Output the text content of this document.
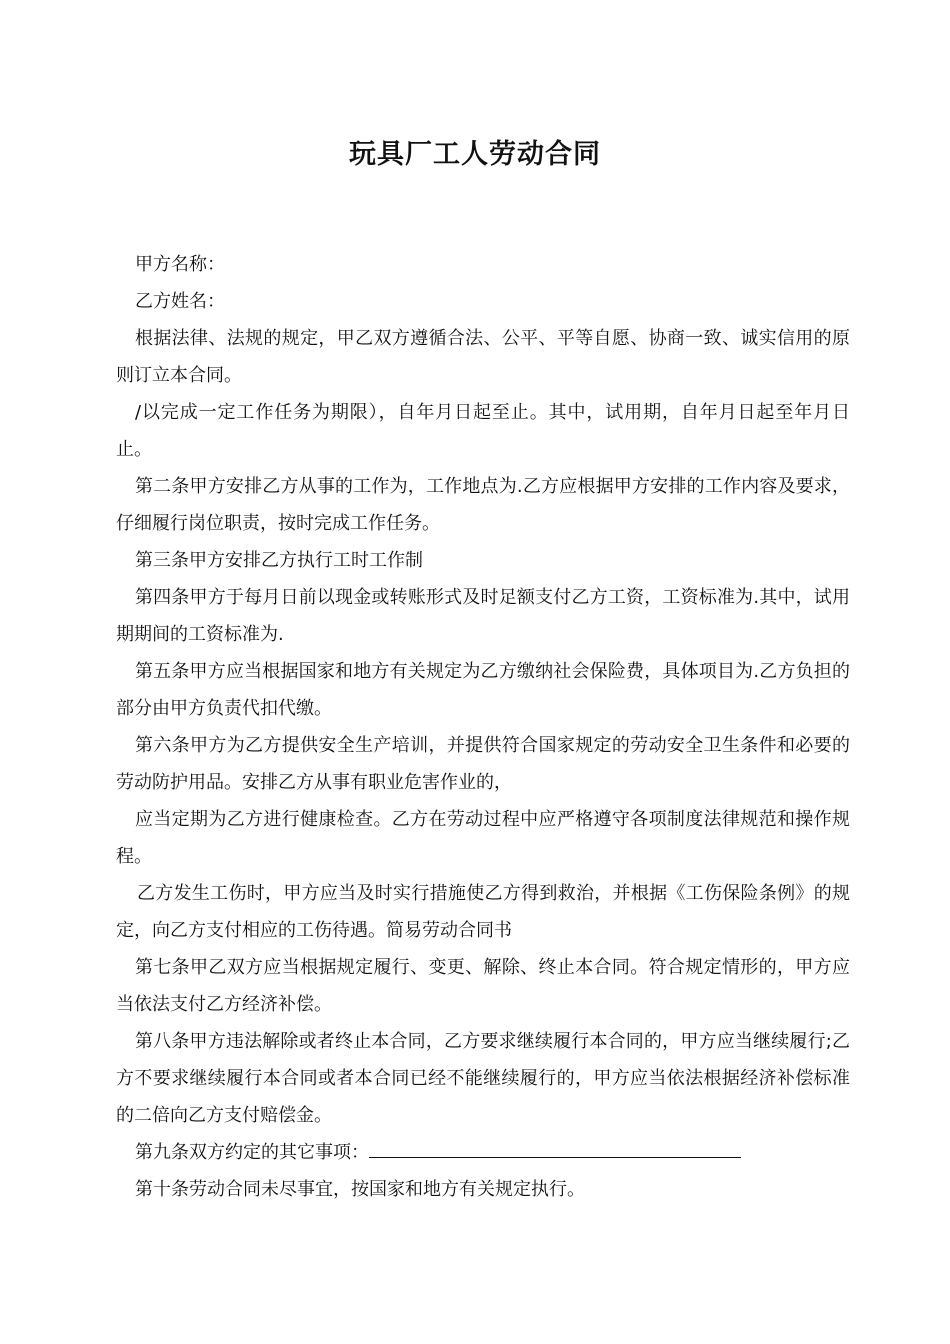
玩具厂工人劳动合同

甲方名称：

乙方姓名：

根据法律、法规的规定，甲乙双方遵循合法、公平、平等自愿、协商一致、诚实信用的原则订立本合同。

/以完成一定工作任务为期限），自年月日起至止。其中，试用期，自年月日起至年月日止。

第二条甲方安排乙方从事的工作为，工作地点为.乙方应根据甲方安排的工作内容及要求，仔细履行岗位职责，按时完成工作任务。

第三条甲方安排乙方执行工时工作制

第四条甲方于每月日前以现金或转账形式及时足额支付乙方工资，工资标准为.其中，试用期期间的工资标准为.

第五条甲方应当根据国家和地方有关规定为乙方缴纳社会保险费，具体项目为.乙方负担的部分由甲方负责代扣代缴。

第六条甲方为乙方提供安全生产培训，并提供符合国家规定的劳动安全卫生条件和必要的劳动防护用品。安排乙方从事有职业危害作业的，

应当定期为乙方进行健康检查。乙方在劳动过程中应严格遵守各项制度法律规范和操作规程。

乙方发生工伤时，甲方应当及时实行措施使乙方得到救治，并根据《工伤保险条例》的规定，向乙方支付相应的工伤待遇。简易劳动合同书

第七条甲乙双方应当根据规定履行、变更、解除、终止本合同。符合规定情形的，甲方应当依法支付乙方经济补偿。

第八条甲方违法解除或者终止本合同，乙方要求继续履行本合同的，甲方应当继续履行;乙方不要求继续履行本合同或者本合同已经不能继续履行的，甲方应当依法根据经济补偿标准的二倍向乙方支付赔偿金。

第九条双方约定的其它事项：

第十条劳动合同未尽事宜，按国家和地方有关规定执行。
